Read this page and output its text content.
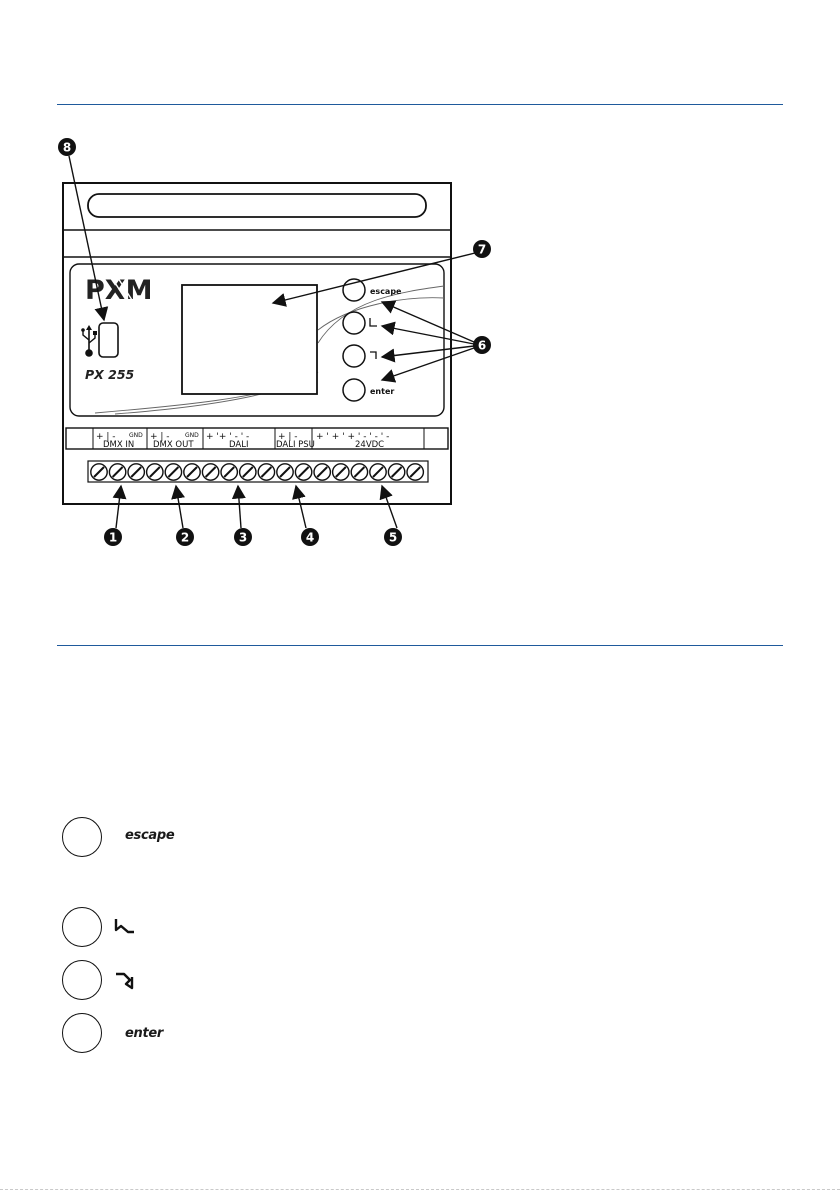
PXM
PX 255
escape
enter
+ | -	+ | -	+ '+ ' - ' -	+ | - + ' + ' + ' - ' - ' -
GND	GND
DMX IN DMX OUT	DALI	DALI PSU	24VDC
8
7
6
1	2	3	4	5
escape
enter
